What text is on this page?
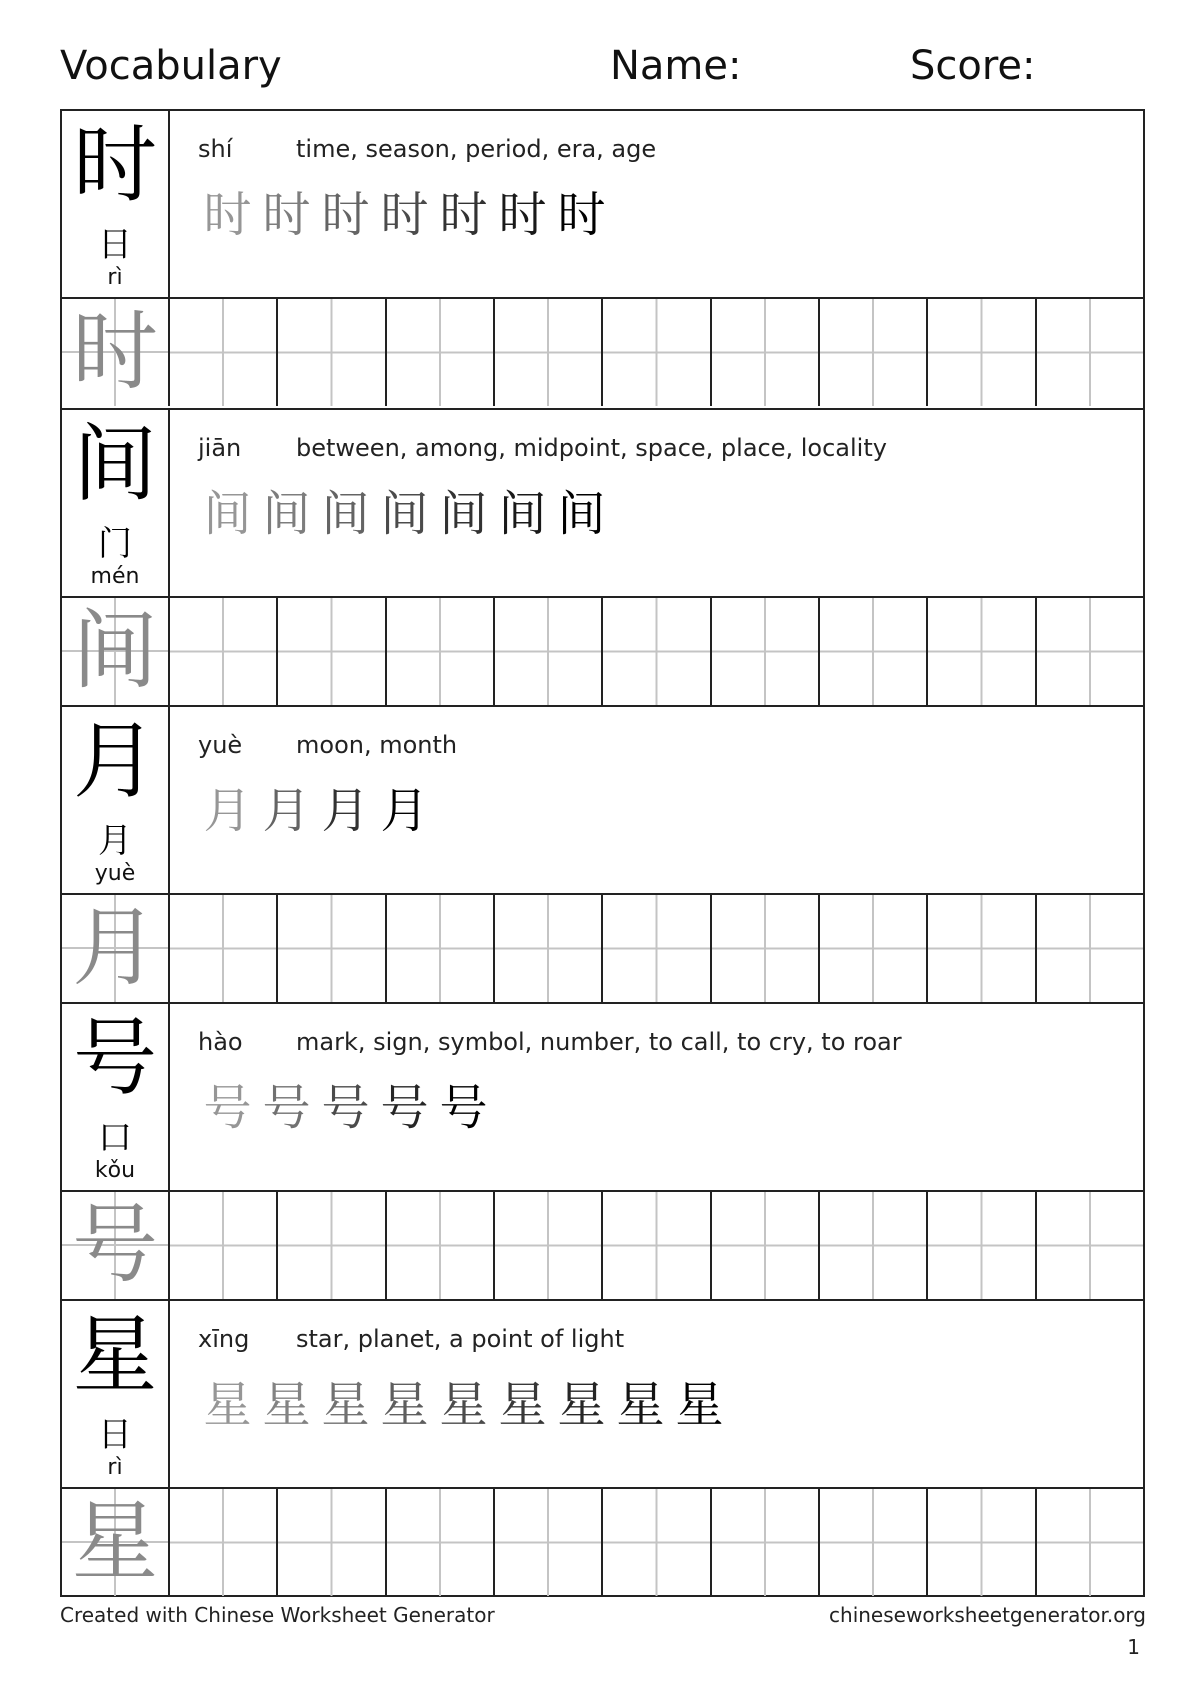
Vocabulary	Name:	Score:
时
日
rì
shí	time, season, period, era, age
时 时 时 时 时 时 时
时
间
门
mén
jiān between, among, midpoint, space, place, locality
间 间 间 间 间 间 间
间
月
月
yuè
yuè moon, month
月 月 月 月
月
号
口
kǒu
hào mark, sign, symbol, number, to call, to cry, to roar
号 号 号 号 号
号
星
日
rì
xīng star, planet, a point of light
星 星 星 星 星 星 星 星 星
星
Created with Chinese Worksheet Generator	chineseworksheetgenerator.org
1
